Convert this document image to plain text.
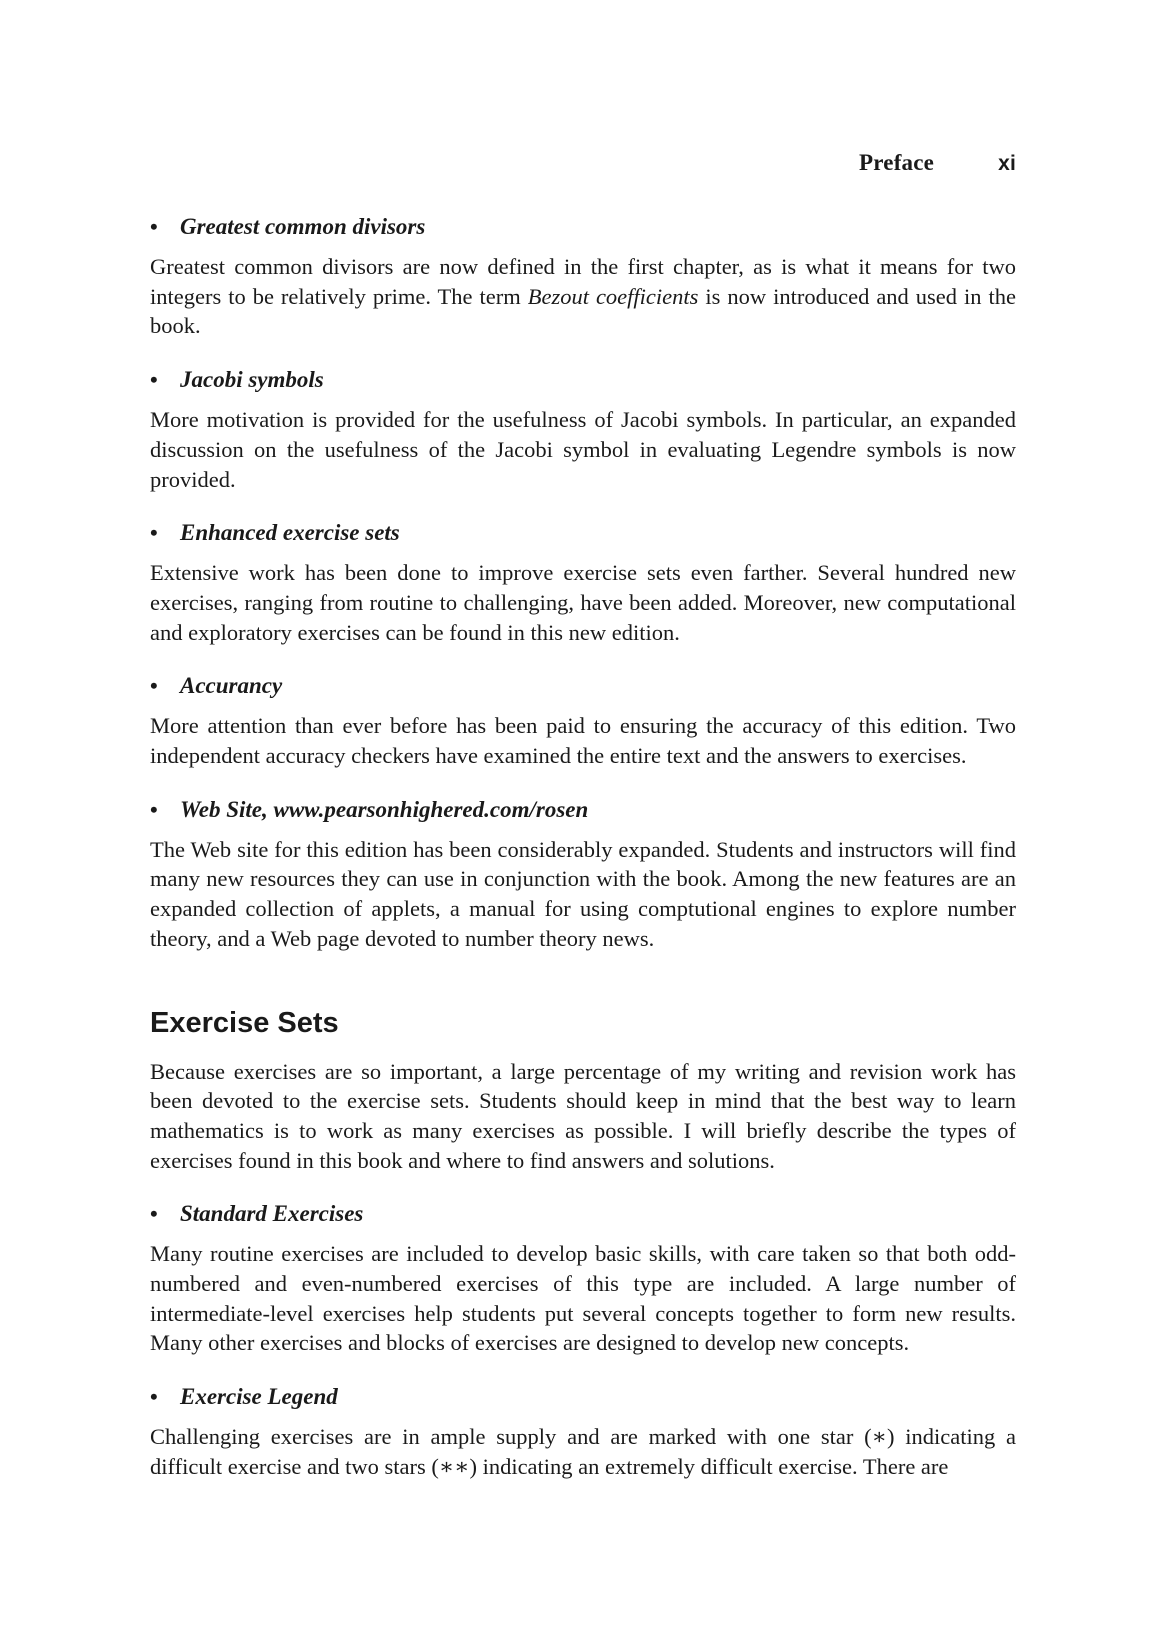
Preface	xi
• Greatest common divisors

Greatest common divisors are now defined in the first chapter, as is what it means for two integers to be relatively prime. The term Bezout coefficients is now introduced and used in the book.

• Jacobi symbols

More motivation is provided for the usefulness of Jacobi symbols. In particular, an expanded discussion on the usefulness of the Jacobi symbol in evaluating Legendre symbols is now provided.

• Enhanced exercise sets

Extensive work has been done to improve exercise sets even farther. Several hundred new exercises, ranging from routine to challenging, have been added. Moreover, new computational and exploratory exercises can be found in this new edition.

• Accurancy

More attention than ever before has been paid to ensuring the accuracy of this edition. Two independent accuracy checkers have examined the entire text and the answers to exercises.

• Web Site, www.pearsonhighered.com/rosen

The Web site for this edition has been considerably expanded. Students and instructors will find many new resources they can use in conjunction with the book. Among the new features are an expanded collection of applets, a manual for using comptutional engines to explore number theory, and a Web page devoted to number theory news.

Exercise Sets

Because exercises are so important, a large percentage of my writing and revision work has been devoted to the exercise sets. Students should keep in mind that the best way to learn mathematics is to work as many exercises as possible. I will briefly describe the types of exercises found in this book and where to find answers and solutions.

• Standard Exercises

Many routine exercises are included to develop basic skills, with care taken so that both odd-numbered and even-numbered exercises of this type are included. A large number of intermediate-level exercises help students put several concepts together to form new results. Many other exercises and blocks of exercises are designed to develop new concepts.

• Exercise Legend

Challenging exercises are in ample supply and are marked with one star (∗) indicating a difficult exercise and two stars (∗∗) indicating an extremely difficult exercise. There are
